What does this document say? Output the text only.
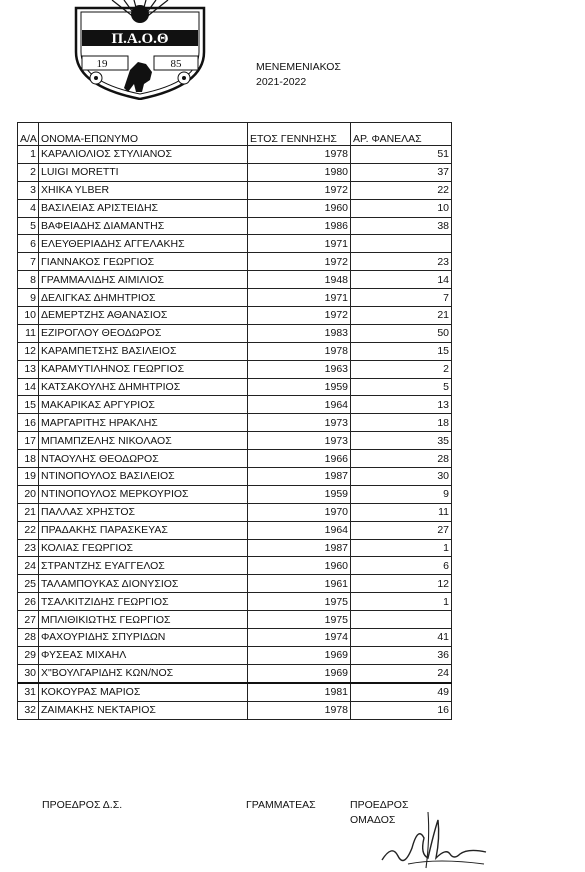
Π.Α.Ο.Θ
19	85	ΜΕΝΕΜΕΝΙΑΚΟΣ
2021-2022
Α/Α	ΟΝΟΜΑ-ΕΠΩΝΥΜΟ	ΕΤΟΣ ΓΕΝΝΗΣΗΣ	ΑΡ. ΦΑΝΕΛΑΣ
1	ΚΑΡΑΛΙΟΛΙΟΣ ΣΤΥΛΙΑΝΟΣ	1978	51
2	LUIGI MORETTI	1980	37
3	XHIKA YLBER	1972	22
4	ΒΑΣΙΛΕΙΑΣ ΑΡΙΣΤΕΙΔΗΣ	1960	10
5	ΒΑΦΕΙΑΔΗΣ ΔΙΑΜΑΝΤΗΣ	1986	38
6	ΕΛΕΥΘΕΡΙΑΔΗΣ ΑΓΓΕΛΑΚΗΣ	1971	
7	ΓΙΑΝΝΑΚΟΣ ΓΕΩΡΓΙΟΣ	1972	23
8	ΓΡΑΜΜΑΛΙΔΗΣ ΑΙΜΙΛΙΟΣ	1948	14
9	ΔΕΛΙΓΚΑΣ ΔΗΜΗΤΡΙΟΣ	1971	7
10	ΔΕΜΕΡΤΖΗΣ ΑΘΑΝΑΣΙΟΣ	1972	21
11	ΕΖΙΡΟΓΛΟΥ ΘΕΟΔΩΡΟΣ	1983	50
12	ΚΑΡΑΜΠΕΤΣΗΣ ΒΑΣΙΛΕΙΟΣ	1978	15
13	ΚΑΡΑΜΥΤΙΛΗΝΟΣ ΓΕΩΡΓΙΟΣ	1963	2
14	ΚΑΤΣΑΚΟΥΛΗΣ ΔΗΜΗΤΡΙΟΣ	1959	5
15	ΜΑΚΑΡΙΚΑΣ ΑΡΓΥΡΙΟΣ	1964	13
16	ΜΑΡΓΑΡΙΤΗΣ ΗΡΑΚΛΗΣ	1973	18
17	ΜΠΑΜΠΖΕΛΗΣ ΝΙΚΟΛΑΟΣ	1973	35
18	ΝΤΑΟΥΛΗΣ ΘΕΟΔΩΡΟΣ	1966	28
19	ΝΤΙΝΟΠΟΥΛΟΣ ΒΑΣΙΛΕΙΟΣ	1987	30
20	ΝΤΙΝΟΠΟΥΛΟΣ ΜΕΡΚΟΥΡΙΟΣ	1959	9
21	ΠΑΛΛΑΣ ΧΡΗΣΤΟΣ	1970	11
22	ΠΡΑΔΑΚΗΣ ΠΑΡΑΣΚΕΥΑΣ	1964	27
23	ΚΟΛΙΑΣ ΓΕΩΡΓΙΟΣ	1987	1
24	ΣΤΡΑΝΤΖΗΣ ΕΥΑΓΓΕΛΟΣ	1960	6
25	ΤΑΛΑΜΠΟΥΚΑΣ ΔΙΟΝΥΣΙΟΣ	1961	12
26	ΤΣΑΛΚΙΤΖΙΔΗΣ ΓΕΩΡΓΙΟΣ	1975	1
27	ΜΠΛΙΘΙΚΙΩΤΗΣ ΓΕΩΡΓΙΟΣ	1975	
28	ΦΑΧΟΥΡΙΔΗΣ ΣΠΥΡΙΔΩΝ	1974	41
29	ΦΥΣΕΑΣ ΜΙΧΑΗΛ	1969	36
30	Χ"ΒΟΥΛΓΑΡΙΔΗΣ ΚΩΝ/ΝΟΣ	1969	24
31	ΚΟΚΟΥΡΑΣ ΜΑΡΙΟΣ	1981	49
32	ΖΑΙΜΑΚΗΣ ΝΕΚΤΑΡΙΟΣ	1978	16
ΠΡΟΕΔΡΟΣ Δ.Σ.	ΓΡΑΜΜΑΤΕΑΣ	ΠΡΟΕΔΡΟΣ
ΟΜΑΔΟΣ
